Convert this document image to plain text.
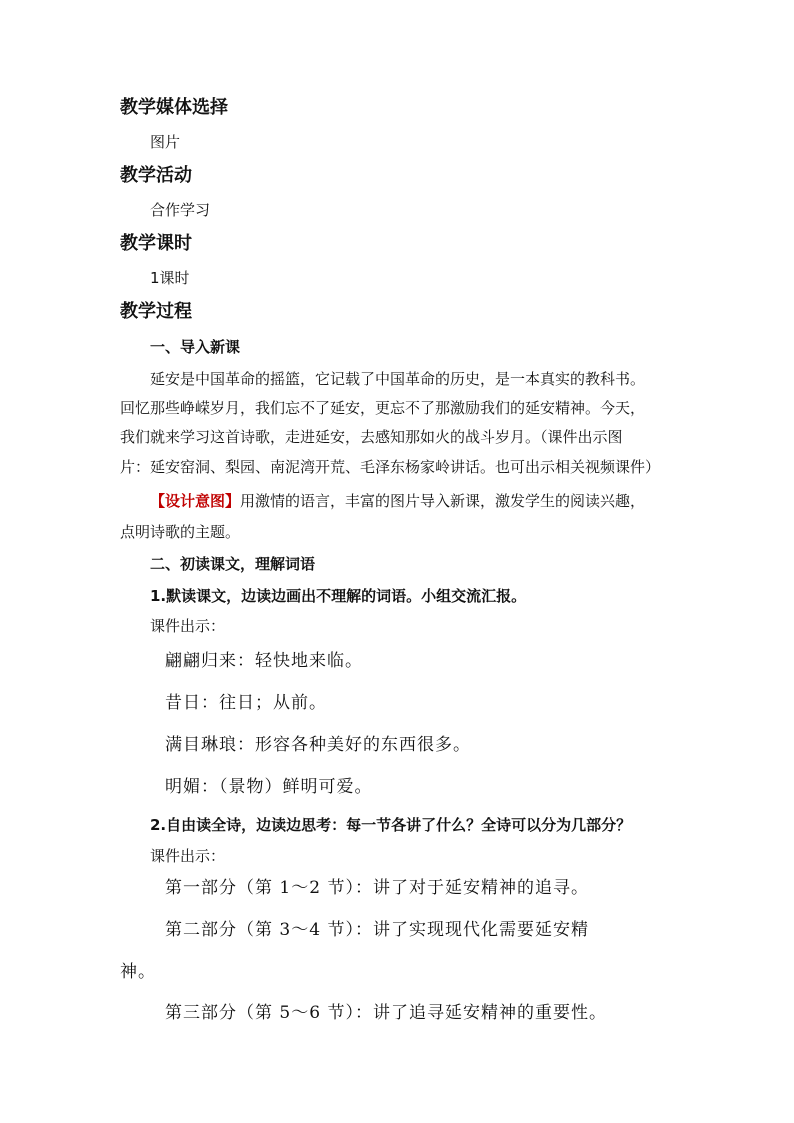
教学媒体选择
图片
教学活动
合作学习
教学课时
1课时
教学过程
一、导入新课
延安是中国革命的摇篮，它记载了中国革命的历史，是一本真实的教科书。
回忆那些峥嵘岁月，我们忘不了延安，更忘不了那激励我们的延安精神。今天，
我们就来学习这首诗歌，走进延安，去感知那如火的战斗岁月。（课件出示图
片：延安窑洞、梨园、南泥湾开荒、毛泽东杨家岭讲话。也可出示相关视频课件）
【设计意图】用激情的语言，丰富的图片导入新课，激发学生的阅读兴趣，
点明诗歌的主题。
二、初读课文，理解词语
1.默读课文，边读边画出不理解的词语。小组交流汇报。
课件出示：
翩翩归来：轻快地来临。
昔日：往日；从前。
满目琳琅：形容各种美好的东西很多。
明媚：（景物）鲜明可爱。
2.自由读全诗，边读边思考：每一节各讲了什么？全诗可以分为几部分？
课件出示：
第一部分（第 1～2 节）：讲了对于延安精神的追寻。
第二部分（第 3～4 节）：讲了实现现代化需要延安精
神。
第三部分（第 5～6 节）：讲了追寻延安精神的重要性。
